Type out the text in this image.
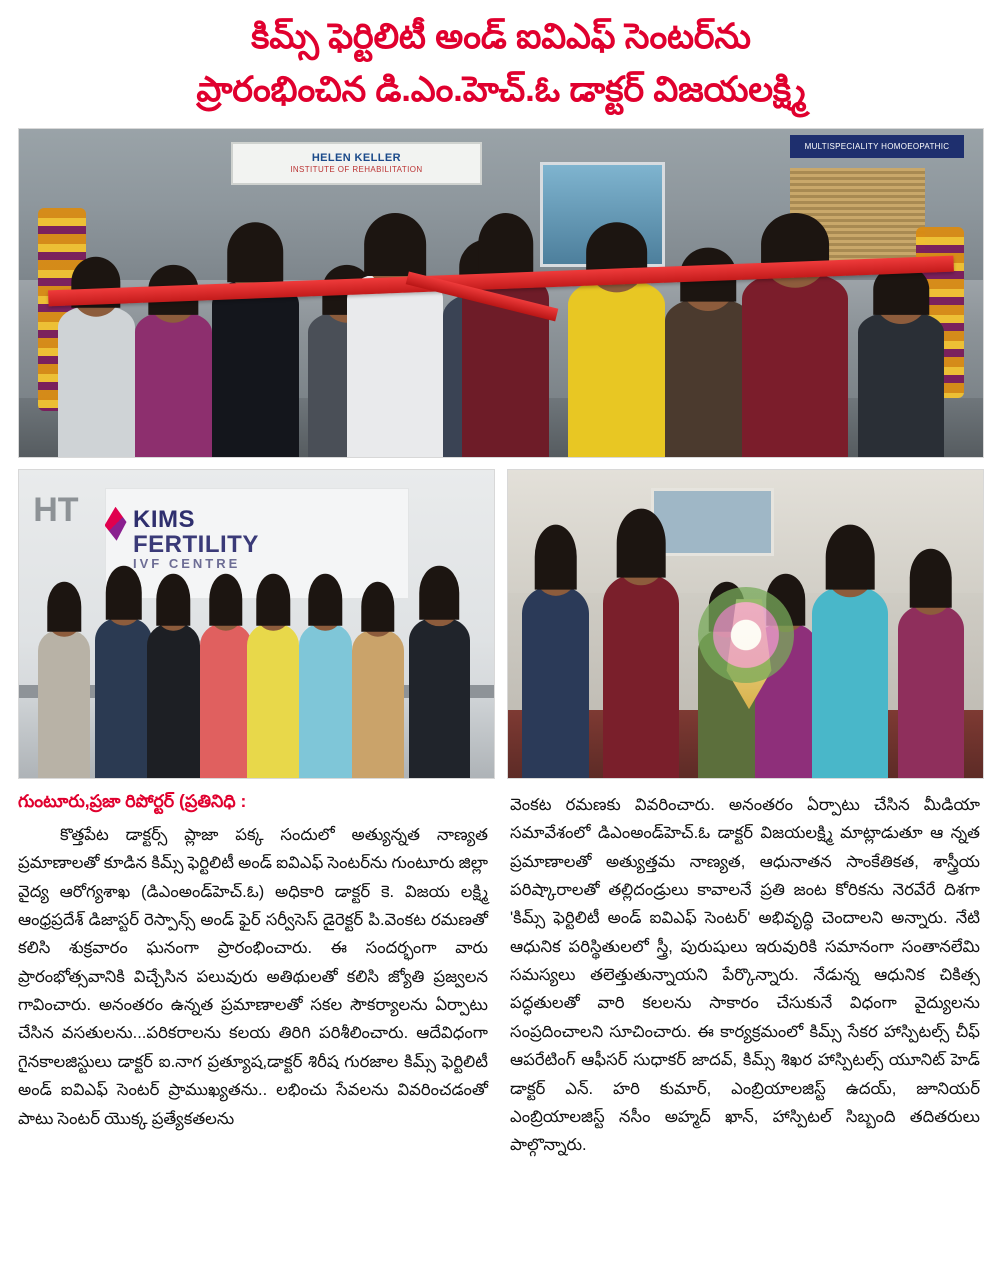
కిమ్స్ ఫెర్టిలిటీ అండ్ ఐవిఎఫ్ సెంటర్‌ను
ప్రారంభించిన డి.ఎం.హెచ్.ఓ డాక్టర్ విజయలక్ష్మి
HELEN KELLER
INSTITUTE OF REHABILITATION
MULTISPECIALITY HOMOEOPATHIC
HT KIMS
FERTILITY
IVF CENTRE
గుంటూరు,ప్రజా రిపోర్టర్ (ప్రతినిధి :
కొత్తపేట డాక్టర్స్ ప్లాజా పక్క సందులో అత్యున్నత నాణ్యత ప్రమాణాలతో కూడిన కిమ్స్ ఫెర్టిలిటీ అండ్ ఐవిఎఫ్ సెంటర్‌ను గుంటూరు జిల్లా వైద్య ఆరోగ్యశాఖ (డిఎంఅండ్‌హెచ్.ఓ) అధికారి డాక్టర్ కె. విజయ లక్ష్మి ఆంధ్రప్రదేశ్ డిజాస్టర్ రెస్పాన్స్ అండ్ ఫైర్ సర్వీసెస్ డైరెక్టర్ పి.వెంకట రమణతో కలిసి శుక్రవారం ఘనంగా ప్రారంభించారు. ఈ సందర్భంగా వారు ప్రారంభోత్సవానికి విచ్చేసిన పలువురు అతిథులతో కలిసి జ్యోతి ప్రజ్వలన గావించారు. అనంతరం ఉన్నత ప్రమాణాలతో సకల సౌకర్యాలను ఏర్పాటు చేసిన వసతులను...పరికరాలను కలయ తిరిగి పరిశీలించారు. ఆదేవిధంగా గైనకాలజిస్టులు డాక్టర్ ఐ.నాగ ప్రత్యూష,డాక్టర్ శిరీష గురజాల కిమ్స్ ఫెర్టిలిటీ అండ్ ఐవిఎఫ్ సెంటర్ ప్రాముఖ్యతను.. లభించు సేవలను వివరించడంతో పాటు సెంటర్ యొక్క ప్రత్యేకతలను
వెంకట రమణకు వివరించారు. అనంతరం ఏర్పాటు చేసిన మీడియా సమావేశంలో డిఎంఅండ్‌హెచ్.ఓ డాక్టర్ విజయలక్ష్మి మాట్లాడుతూ ఆ న్నత ప్రమాణాలతో అత్యుత్తమ నాణ్యత, ఆధునాతన సాంకేతికత, శాస్త్రీయ పరిష్కారాలతో తల్లిదండ్రులు కావాలనే ప్రతి జంట కోరికను నెరవేరే దిశగా 'కిమ్స్ ఫెర్టిలిటీ అండ్ ఐవిఎఫ్ సెంటర్' అభివృద్ధి చెందాలని అన్నారు. నేటి ఆధునిక పరిస్థితులలో స్త్రీ, పురుషులు ఇరువురికి సమానంగా సంతానలేమి సమస్యలు తలెత్తుతున్నాయని పేర్కొన్నారు. నేడున్న ఆధునిక చికిత్స పద్ధతులతో వారి కలలను సాకారం చేసుకునే విధంగా వైద్యులను సంప్రదించాలని సూచించారు. ఈ కార్యక్రమంలో కిమ్స్ సేకర హాస్పిటల్స్ చీఫ్ ఆపరేటింగ్ ఆఫీసర్ సుధాకర్ జాదవ్, కిమ్స్ శిఖర హాస్పిటల్స్ యూనిట్ హెడ్ డాక్టర్ ఎన్. హరి కుమార్, ఎంబ్రియాలజిస్ట్ ఉదయ్, జూనియర్ ఎంబ్రియాలజిస్ట్ నసీం అహ్మద్ ఖాన్, హాస్పిటల్ సిబ్బంది తదితరులు పాల్గొన్నారు.
